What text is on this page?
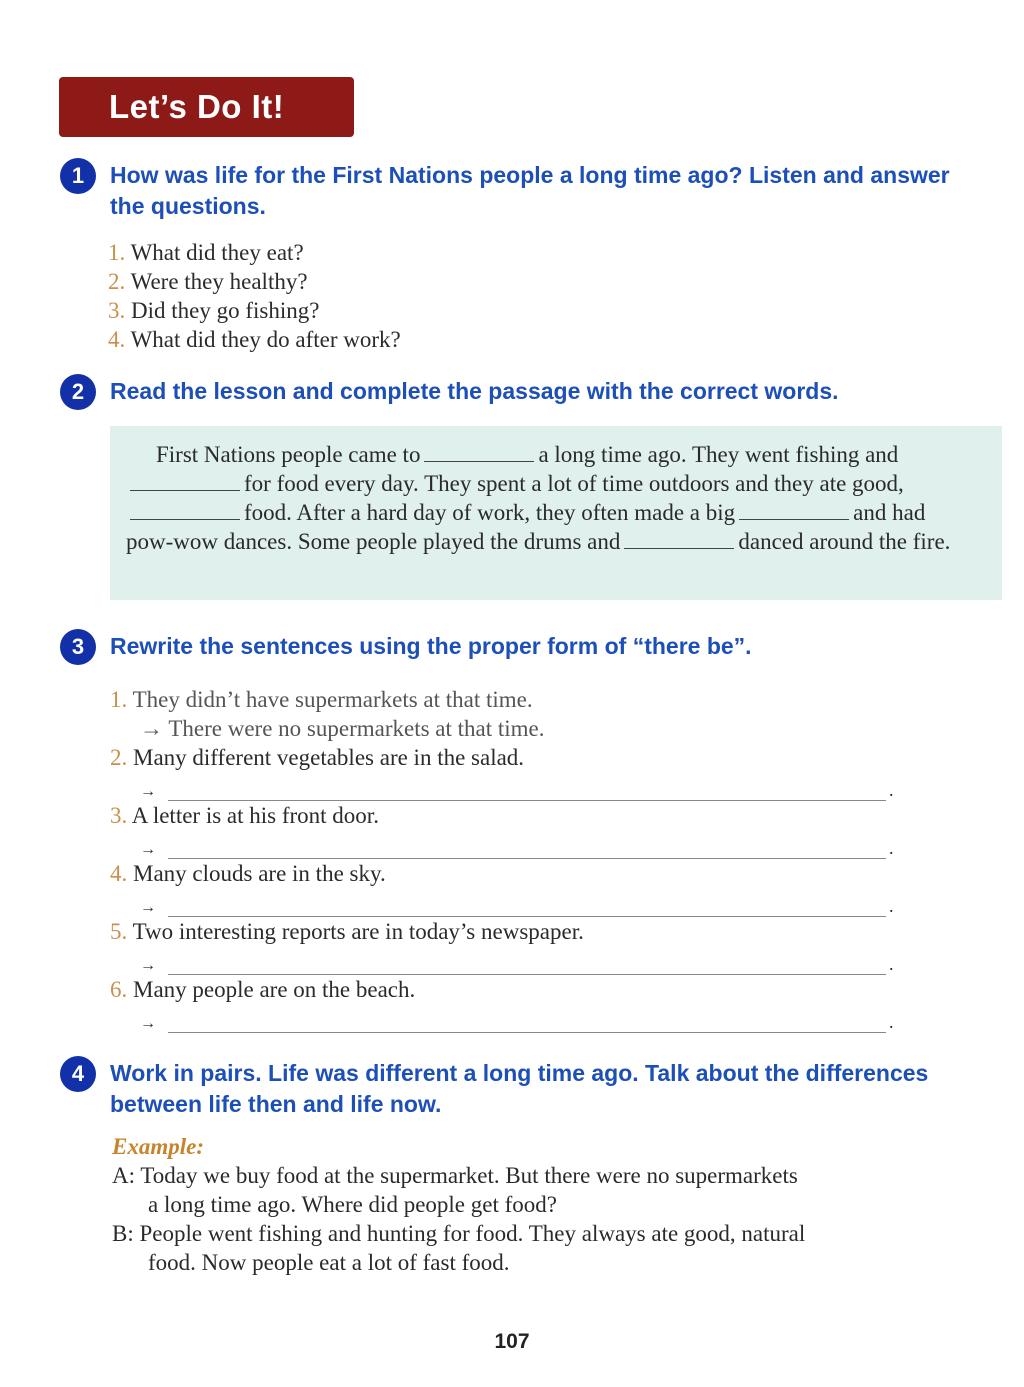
Let’s Do It!
1	How was life for the First Nations people a long time ago? Listen and answer the questions.
1. What did they eat?
2. Were they healthy?
3. Did they go fishing?
4. What did they do after work?
2	Read the lesson and complete the passage with the correct words.

First Nations people came to	a long time ago. They went fishing andfor food every day. They spent a lot of time outdoors and they ate good,food. After a hard day of work, they often made a big	and had pow-wow dances. Some people played the drums and	danced around the fire.

3	Rewrite the sentences using the proper form of “there be”.
1. They didn’t have supermarkets at that time.
→ There were no supermarkets at that time.
2. Many different vegetables are in the salad.
→	.
3. A letter is at his front door.
→	.
4. Many clouds are in the sky.
→	.
5. Two interesting reports are in today’s newspaper.
→	.
6. Many people are on the beach.
→	.
4	Work in pairs. Life was different a long time ago. Talk about the differences between life then and life now.
Example:
A: Today we buy food at the supermarket. But there were no supermarkets
a long time ago. Where did people get food?
B: People went fishing and hunting for food. They always ate good, natural
food. Now people eat a lot of fast food.
107
